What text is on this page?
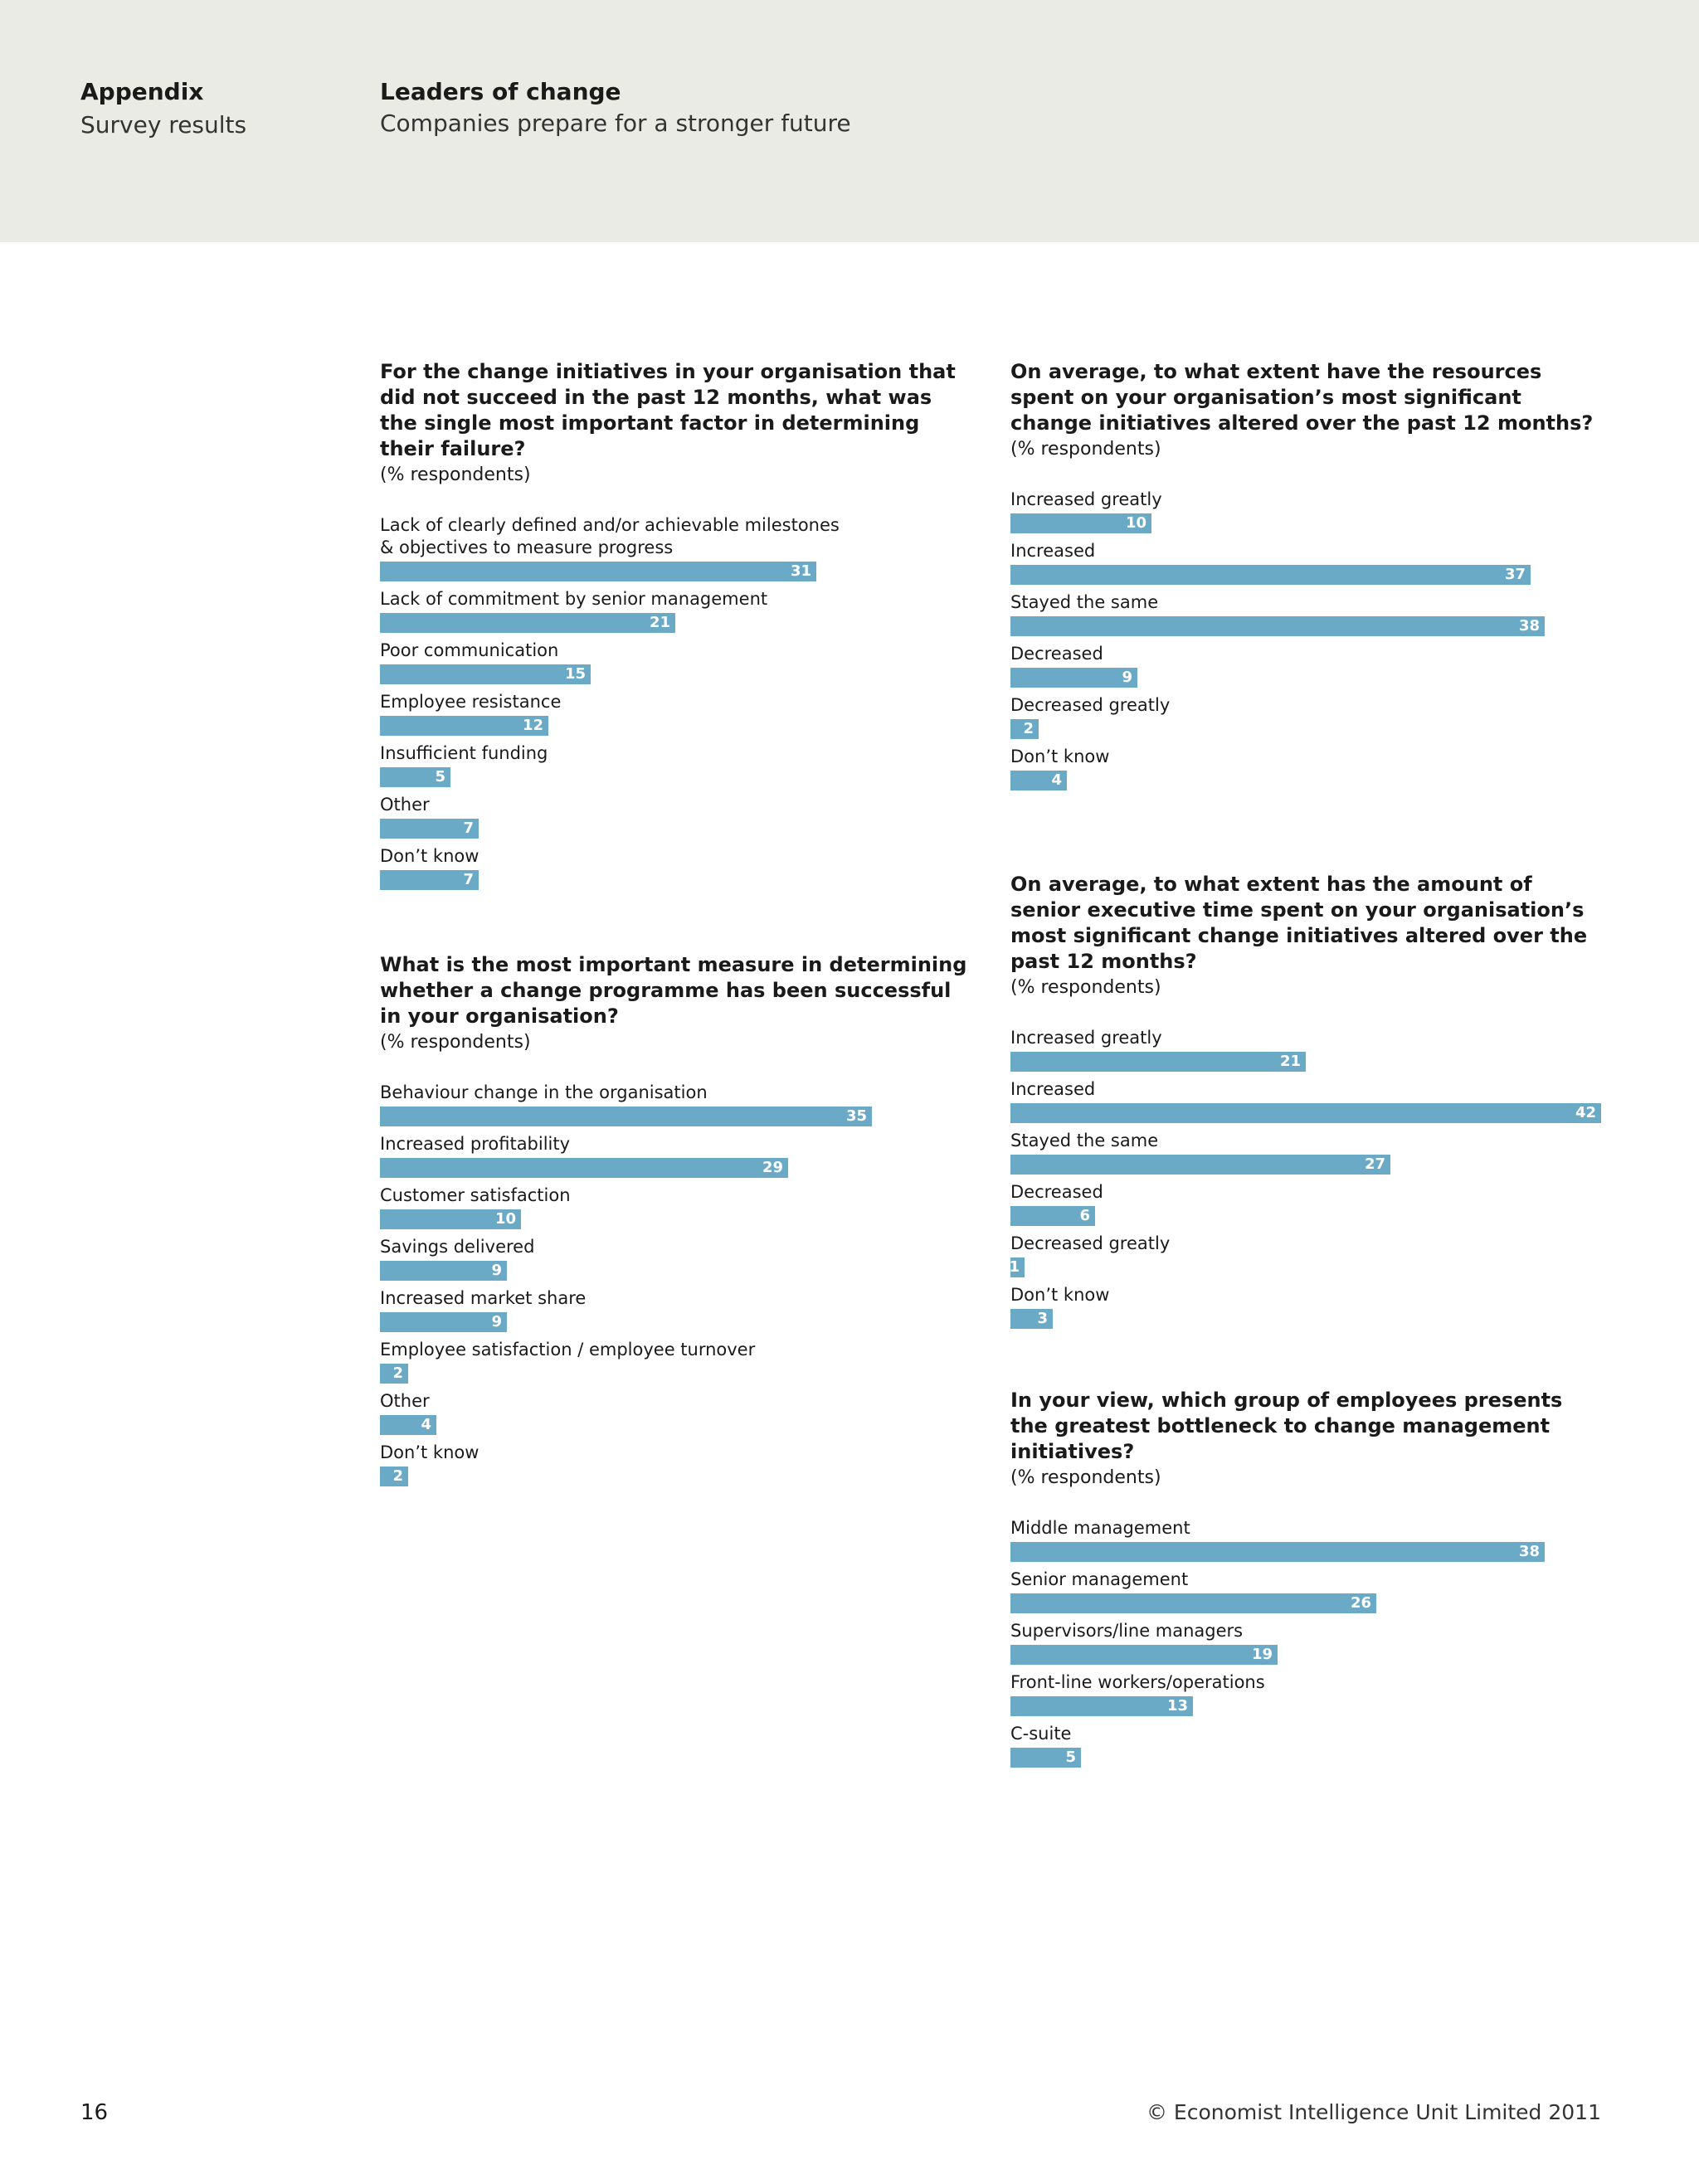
Appendix
Survey results
Leaders of change
Companies prepare for a stronger future

For the change initiatives in your organisation that did not succeed in the past 12 months, what was the single most important factor in determining their failure?

(% respondents)

Lack of clearly defined and/or achievable milestones
& objectives to measure progress
31
Lack of commitment by senior management
21
Poor communication
15
Employee resistance
12
Insufficient funding
5
Other
7
Don’t know
7

What is the most important measure in determining whether a change programme has been successful in your organisation?

(% respondents)

Behaviour change in the organisation
35
Increased profitability
29
Customer satisfaction
10
Savings delivered
9
Increased market share
9
Employee satisfaction / employee turnover
2
Other
4
Don’t know
2

On average, to what extent have the resources spent on your organisation’s most significant change initiatives altered over the past 12 months?

(% respondents)

Increased greatly
10
Increased
37
Stayed the same
38
Decreased
9
Decreased greatly
2
Don’t know
4

On average, to what extent has the amount of senior executive time spent on your organisation’s most significant change initiatives altered over the past 12 months?

(% respondents)

Increased greatly
21
Increased
42
Stayed the same
27
Decreased
6
Decreased greatly
1
Don’t know
3

In your view, which group of employees presents the greatest bottleneck to change management initiatives?

(% respondents)

Middle management
38
Senior management
26
Supervisors/line managers
19
Front-line workers/operations
13
C-suite
5
16	© Economist Intelligence Unit Limited 2011
